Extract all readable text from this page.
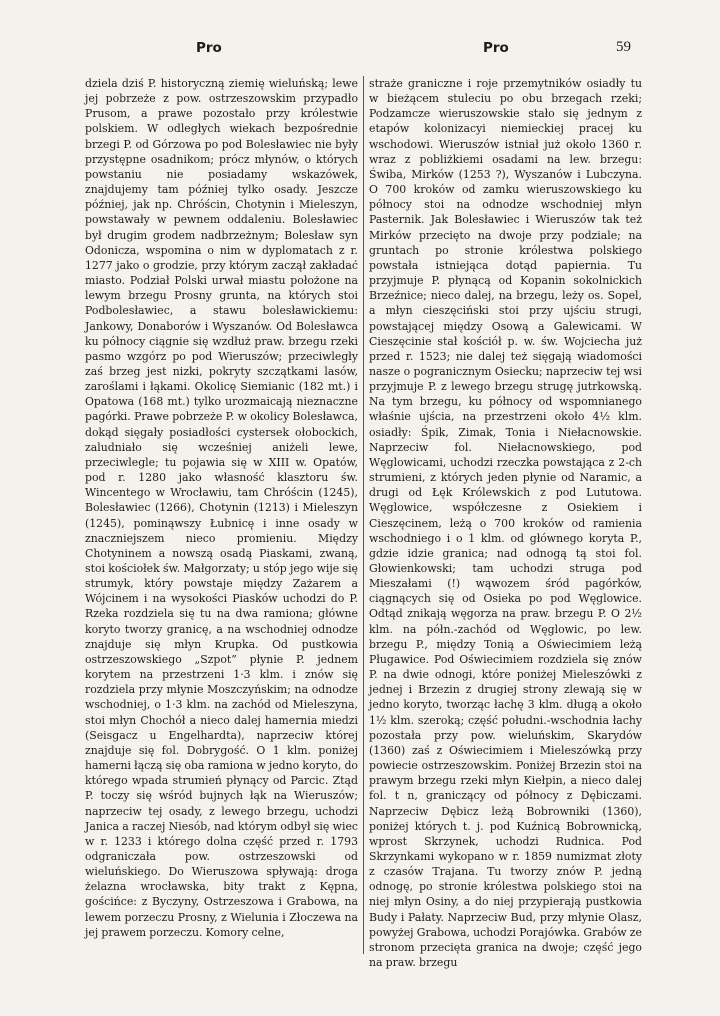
Pro	Pro	59
dziela dziś P. historyczną ziemię wieluńską; lewe jej pobrzeże z pow. ostrzeszowskim przypadło Prusom, a prawe pozostało przy królestwie polskiem. W odległych wiekach bezpośrednie brzegi P. od Górzowa po pod Bolesławiec nie były przystępne osadnikom; prócz młynów, o których powstaniu nie posiadamy wskazówek, znajdujemy tam później tylko osady. Jeszcze później, jak np. Chróścin, Chotynin i Mieleszyn, powstawały w pewnem oddaleniu. Bolesławiec był drugim grodem nadbrzeżnym; Bolesław syn Odonicza, wspomina o nim w dyplomatach z r. 1277 jako o grodzie, przy którym zaczął zakładać miasto. Podział Polski urwał miastu położone na lewym brzegu Prosny grunta, na których stoi Podbolesławiec, a stawu bolesławickiemu: Jankowy, Donaborów i Wyszanów. Od Bolesławca ku północy ciągnie się wzdłuż praw. brzegu rzeki pasmo wzgórz po pod Wieruszów; przeciwległy zaś brzeg jest nizki, pokryty szczątkami lasów, zaroślami i łąkami. Okolicę Siemianic (182 mt.) i Opatowa (168 mt.) tylko urozmaicają nieznaczne pagórki. Prawe pobrzeże P. w okolicy Bolesławca, dokąd sięgały posiadłości cystersek ołobockich, zaludniało się wcześniej aniżeli lewe, przeciwlegle; tu pojawia się w XIII w. Opatów, pod r. 1280 jako własność klasztoru św. Wincentego w Wrocławiu, tam Chróścin (1245), Bolesławiec (1266), Chotynin (1213) i Mieleszyn (1245), pominąwszy Łubnicę i inne osady w znaczniejszem nieco promieniu. Między Chotyninem a nowszą osadą Piaskami, zwaną, stoi kościołek św. Małgorzaty; u stóp jego wije się strumyk, który powstaje między Zażarem a Wójcinem i na wysokości Piasków uchodzi do P. Rzeka rozdziela się tu na dwa ramiona; główne koryto tworzy granicę, a na wschodniej odnodze znajduje się młyn Krupka. Od pustkowia ostrzeszowskiego „Szpot” płynie P. jednem korytem na przestrzeni 1·3 klm. i znów się rozdziela przy młynie Moszczyńskim; na odnodze wschodniej, o 1·3 klm. na zachód od Mieleszyna, stoi młyn Chochół a nieco dalej hamernia miedzi (Seisgacz u Engelhardta), naprzeciw której znajduje się fol. Dobrygość. O 1 klm. poniżej hamerni łączą się oba ramiona w jedno koryto, do którego wpada strumień płynący od Parcic. Ztąd P. toczy się wśród bujnych łąk na Wieruszów; naprzeciw tej osady, z lewego brzegu, uchodzi Janica a raczej Niesób, nad którym odbył się wiec w r. 1233 i którego dolna część przed r. 1793 odgraniczała pow. ostrzeszowski od wieluńskiego. Do Wieruszowa spływają: droga żelazna wrocławska, bity trakt z Kępna, gościńce: z Byczyny, Ostrzeszowa i Grabowa, na lewem porzeczu Prosny, z Wielunia i Złoczewa na jej prawem porzeczu. Komory celne,
straże graniczne i roje przemytników osiadły tu w bieżącem stuleciu po obu brzegach rzeki; Podzamcze wieruszowskie stało się jednym z etapów kolonizacyi niemieckiej pracej ku wschodowi. Wieruszów istniał już około 1360 r. wraz z pobliżkiemi osadami na lew. brzegu: Świba, Mirków (1253 ?), Wyszanów i Lubczyna. O 700 kroków od zamku wieruszowskiego ku północy stoi na odnodze wschodniej młyn Pasternik. Jak Bolesławiec i Wieruszów tak też Mirków przecięto na dwoje przy podziale; na gruntach po stronie królestwa polskiego powstała istniejąca dotąd papiernia. Tu przyjmuje P. płynącą od Kopanin sokolnickich Brzeźnice; nieco dalej, na brzegu, leży os. Sopel, a młyn cieszęciński stoi przy ujściu strugi, powstającej między Osową a Galewicami. W Cieszęcinie stał kościół p. w. św. Wojciecha już przed r. 1523; nie dalej też sięgają wiadomości nasze o pogranicznym Osiecku; naprzeciw tej wsi przyjmuje P. z lewego brzegu strugę jutrkowską. Na tym brzegu, ku północy od wspomnianego właśnie ujścia, na przestrzeni około 4½ klm. osiadły: Śpik, Zimak, Tonia i Niełacnowskie. Naprzeciw fol. Niełacnowskiego, pod Węglowicami, uchodzi rzeczka powstająca z 2-ch strumieni, z których jeden płynie od Naramic, a drugi od Łęk Królewskich z pod Lututowa. Węglowice, współczesne z Osiekiem i Cieszęcinem, leżą o 700 kroków od ramienia wschodniego i o 1 klm. od głównego koryta P., gdzie idzie granica; nad odnogą tą stoi fol. Głowienkowski; tam uchodzi struga pod Mieszałami (!) wąwozem śród pagórków, ciągnących się od Osieka po pod Węglowice. Odtąd znikają węgorza na praw. brzegu P. O 2½ klm. na półn.-zachód od Węglowic, po lew. brzegu P., między Tonią a Oświecimiem leżą Pługawice. Pod Oświecimiem rozdziela się znów P. na dwie odnogi, które poniżej Mieleszówki z jednej i Brzezin z drugiej strony zlewają się w jedno koryto, tworząc łachę 3 klm. długą a około 1½ klm. szeroką; część południ.-wschodnia łachy pozostała przy pow. wieluńskim, Skarydów (1360) zaś z Oświecimiem i Mieleszówką przy powiecie ostrzeszowskim. Poniżej Brzezin stoi na prawym brzegu rzeki młyn Kiełpin, a nieco dalej fol. t n, graniczący od północy z Dębiczami. Naprzeciw Dębicz leżą Bobrowniki (1360), poniżej których t. j. pod Kuźnicą Bobrownicką, wprost Skrzynek, uchodzi Rudnica. Pod Skrzynkami wykopano w r. 1859 numizmat złoty z czasów Trajana. Tu tworzy znów P. jedną odnogę, po stronie królestwa polskiego stoi na niej młyn Osiny, a do niej przypierają pustkowia Budy i Pałaty. Naprzeciw Bud, przy młynie Olasz, powyżej Grabowa, uchodzi Porajówka. Grabów ze stronom przecięta granica na dwoje; część jego na praw. brzegu
